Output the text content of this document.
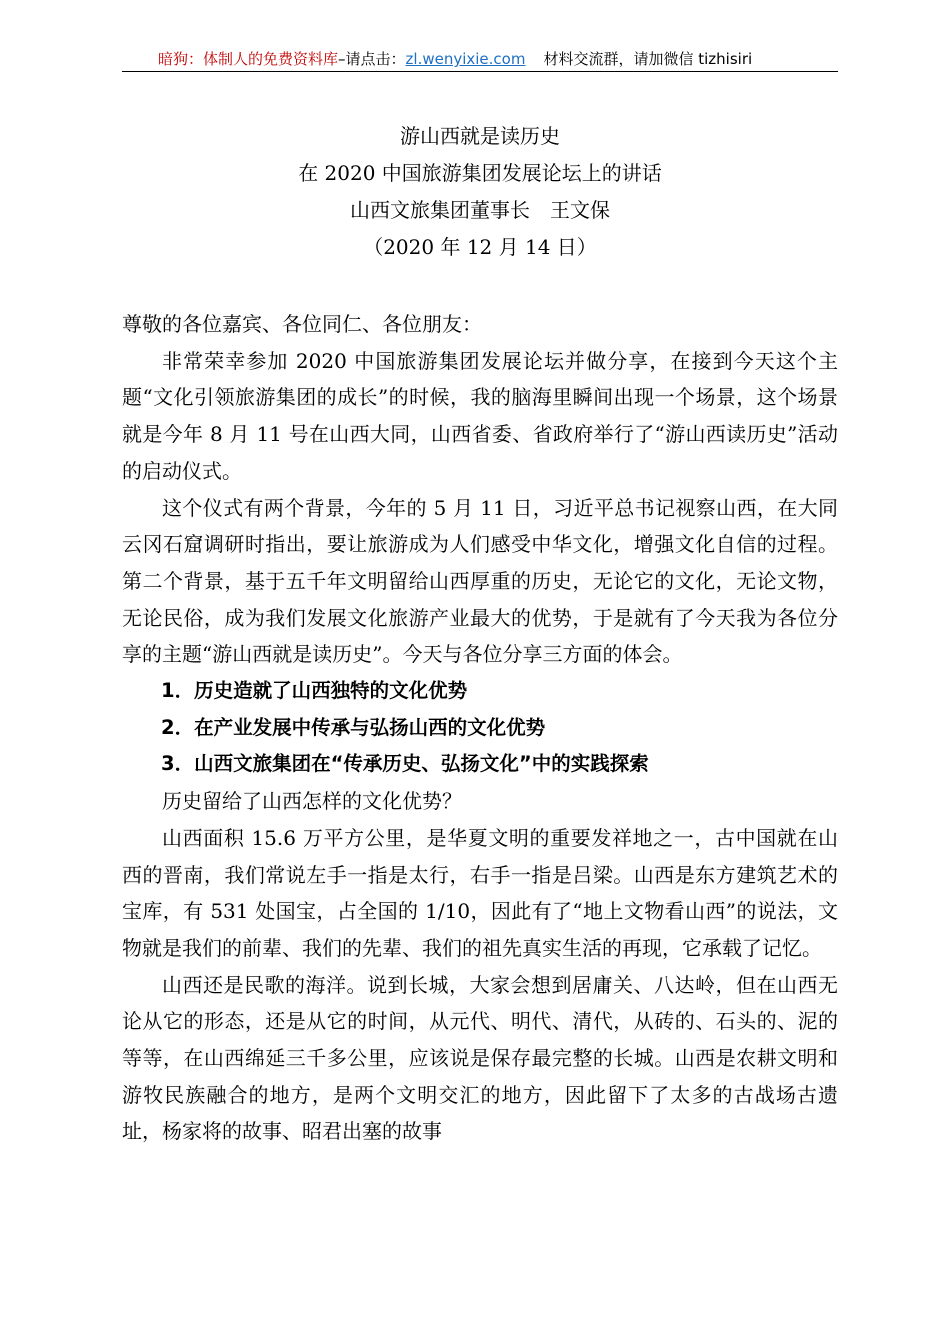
暗狗：体制人的免费资料库–请点击：zl.wenyixie.com 材料交流群，请加微信 tizhisiri
游山西就是读历史
在 2020 中国旅游集团发展论坛上的讲话
山西文旅集团董事长　王文保
（2020 年 12 月 14 日）

尊敬的各位嘉宾、各位同仁、各位朋友：

非常荣幸参加 2020 中国旅游集团发展论坛并做分享，在接到今天这个主题“文化引领旅游集团的成长”的时候，我的脑海里瞬间出现一个场景，这个场景就是今年 8 月 11 号在山西大同，山西省委、省政府举行了“游山西读历史”活动的启动仪式。

这个仪式有两个背景，今年的 5 月 11 日，习近平总书记视察山西，在大同云冈石窟调研时指出，要让旅游成为人们感受中华文化，增强文化自信的过程。第二个背景，基于五千年文明留给山西厚重的历史，无论它的文化，无论文物，无论民俗，成为我们发展文化旅游产业最大的优势，于是就有了今天我为各位分享的主题“游山西就是读历史”。今天与各位分享三方面的体会。

1．历史造就了山西独特的文化优势

2．在产业发展中传承与弘扬山西的文化优势

3．山西文旅集团在“传承历史、弘扬文化”中的实践探索

历史留给了山西怎样的文化优势？

山西面积 15.6 万平方公里，是华夏文明的重要发祥地之一，古中国就在山西的晋南，我们常说左手一指是太行，右手一指是吕梁。山西是东方建筑艺术的宝库，有 531 处国宝，占全国的 1/10，因此有了“地上文物看山西”的说法，文物就是我们的前辈、我们的先辈、我们的祖先真实生活的再现，它承载了记忆。

山西还是民歌的海洋。说到长城，大家会想到居庸关、八达岭，但在山西无论从它的形态，还是从它的时间，从元代、明代、清代，从砖的、石头的、泥的等等，在山西绵延三千多公里，应该说是保存最完整的长城。山西是农耕文明和游牧民族融合的地方，是两个文明交汇的地方，因此留下了太多的古战场古遗址，杨家将的故事、昭君出塞的故事
